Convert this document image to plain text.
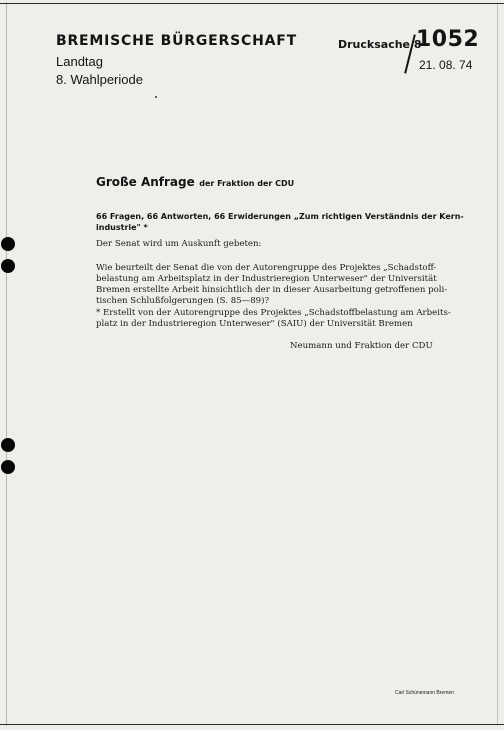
BREMISCHE BÜRGERSCHAFT
Landtag
8. Wahlperiode
Drucksache 8
1052
21. 08. 74
Große Anfrage der Fraktion der CDU
66 Fragen, 66 Antworten, 66 Erwiderungen „Zum richtigen Verständnis der Kern-
industrie" *
Der Senat wird um Auskunft gebeten:
Wie beurteilt der Senat die von der Autorengruppe des Projektes „Schadstoff-
belastung am Arbeitsplatz in der Industrieregion Unterweser" der Universität
Bremen erstellte Arbeit hinsichtlich der in dieser Ausarbeitung getroffenen poli-
tischen Schlußfolgerungen (S. 85—89)?
* Erstellt von der Autorengruppe des Projektes „Schadstoffbelastung am Arbeits-
platz in der Industrieregion Unterweser" (SAIU) der Universität Bremen
Neumann und Fraktion der CDU
Carl Schünemann Bremen
